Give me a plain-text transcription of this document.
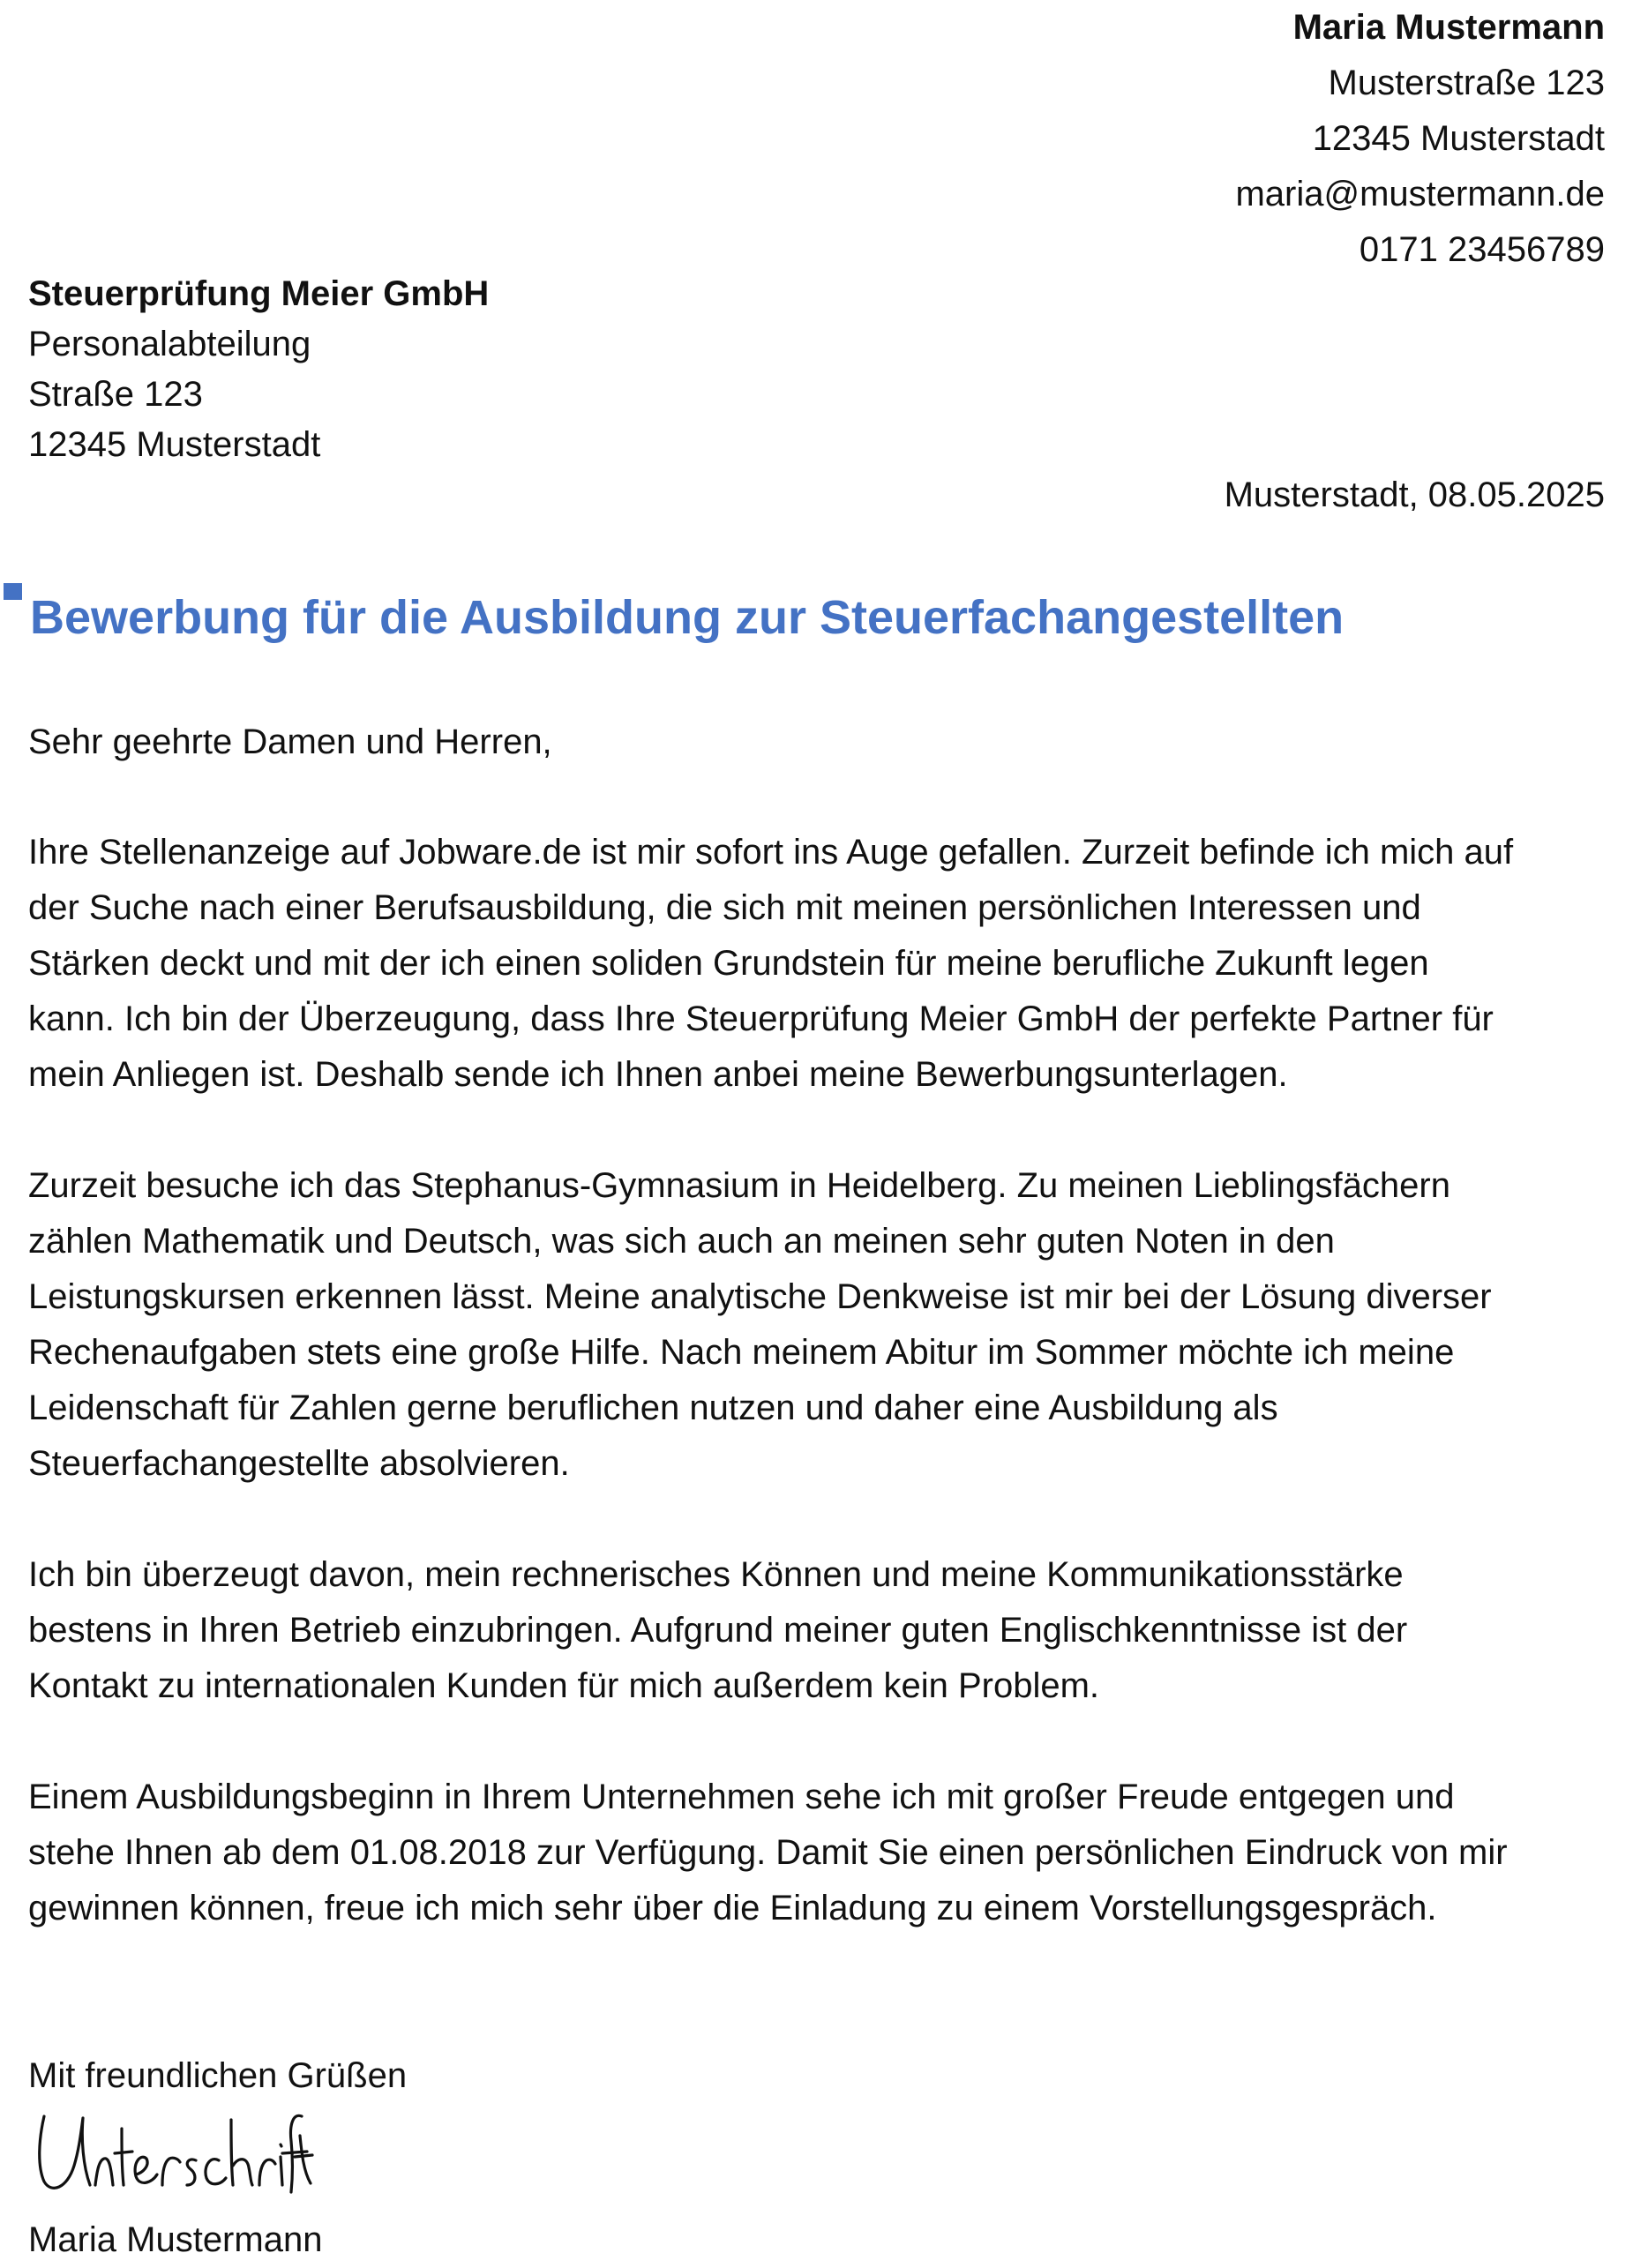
Maria Mustermann
Musterstraße 123
12345 Musterstadt
maria@mustermann.de
0171 23456789
Steuerprüfung Meier GmbH
Personalabteilung
Straße 123
12345 Musterstadt
Musterstadt, 08.05.2025
Bewerbung für die Ausbildung zur Steuerfachangestellten
Sehr geehrte Damen und Herren,
Ihre Stellenanzeige auf Jobware.de ist mir sofort ins Auge gefallen. Zurzeit befinde ich mich auf
der Suche nach einer Berufsausbildung, die sich mit meinen persönlichen Interessen und
Stärken deckt und mit der ich einen soliden Grundstein für meine berufliche Zukunft legen
kann. Ich bin der Überzeugung, dass Ihre Steuerprüfung Meier GmbH der perfekte Partner für
mein Anliegen ist. Deshalb sende ich Ihnen anbei meine Bewerbungsunterlagen.
Zurzeit besuche ich das Stephanus-Gymnasium in Heidelberg. Zu meinen Lieblingsfächern
zählen Mathematik und Deutsch, was sich auch an meinen sehr guten Noten in den
Leistungskursen erkennen lässt. Meine analytische Denkweise ist mir bei der Lösung diverser
Rechenaufgaben stets eine große Hilfe. Nach meinem Abitur im Sommer möchte ich meine
Leidenschaft für Zahlen gerne beruflichen nutzen und daher eine Ausbildung als
Steuerfachangestellte absolvieren.
Ich bin überzeugt davon, mein rechnerisches Können und meine Kommunikationsstärke
bestens in Ihren Betrieb einzubringen. Aufgrund meiner guten Englischkenntnisse ist der
Kontakt zu internationalen Kunden für mich außerdem kein Problem.
Einem Ausbildungsbeginn in Ihrem Unternehmen sehe ich mit großer Freude entgegen und
stehe Ihnen ab dem 01.08.2018 zur Verfügung. Damit Sie einen persönlichen Eindruck von mir
gewinnen können, freue ich mich sehr über die Einladung zu einem Vorstellungsgespräch.
Mit freundlichen Grüßen
Maria Mustermann
